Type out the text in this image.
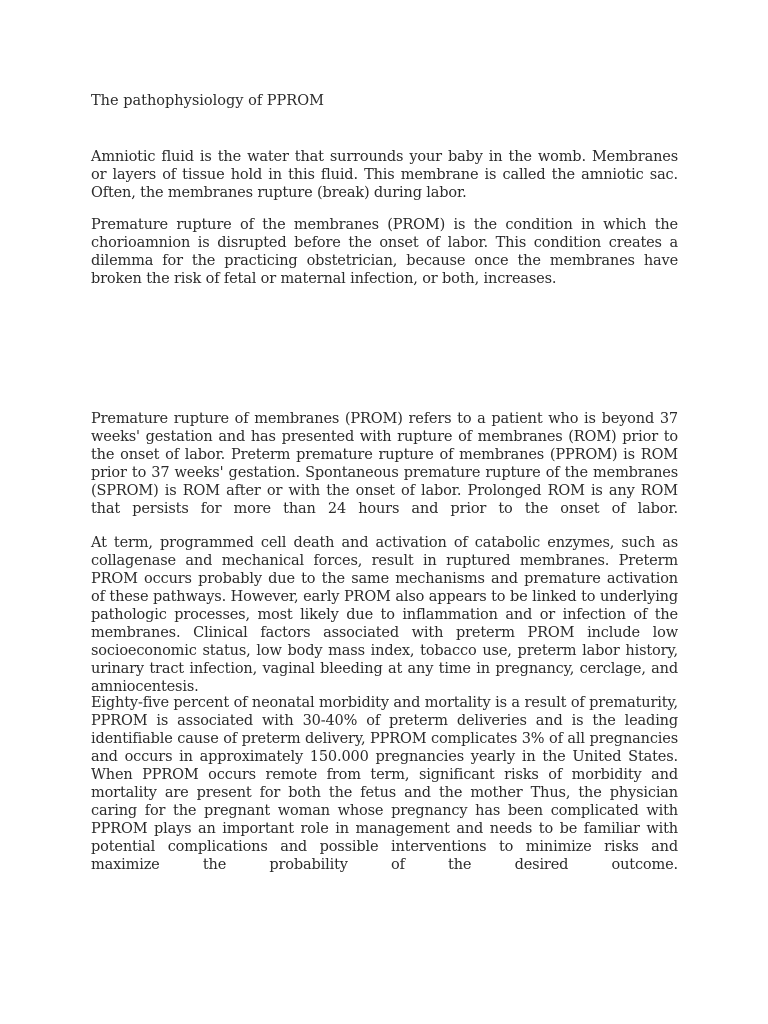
The pathophysiology of PPROM

Amniotic fluid is the water that surrounds your baby in the womb. Membranes or layers of tissue hold in this fluid. This membrane is called the amniotic sac. Often, the membranes rupture (break) during labor.

Premature rupture of the membranes (PROM) is the condition in which the chorioamnion is disrupted before the onset of labor. This condition creates a dilemma for the practicing obstetrician, because once the membranes have broken the risk of fetal or maternal infection, or both, increases.

Premature rupture of membranes (PROM) refers to a patient who is beyond 37 weeks' gestation and has presented with rupture of membranes (ROM) prior to the onset of labor. Preterm premature rupture of membranes (PPROM) is ROM prior to 37 weeks' gestation. Spontaneous premature rupture of the membranes (SPROM) is ROM after or with the onset of labor. Prolonged ROM is any ROM that persists for more than 24 hours and prior to the onset of labor.

At term, programmed cell death and activation of catabolic enzymes, such as collagenase and mechanical forces, result in ruptured membranes. Preterm PROM occurs probably due to the same mechanisms and premature activation of these pathways. However, early PROM also appears to be linked to underlying pathologic processes, most likely due to inflammation and or infection of the membranes. Clinical factors associated with preterm PROM include low socioeconomic status, low body mass index, tobacco use, preterm labor history, urinary tract infection, vaginal bleeding at any time in pregnancy, cerclage, and amniocentesis.

Eighty-five percent of neonatal morbidity and mortality is a result of prematurity, PPROM is associated with 30-40% of preterm deliveries and is the leading identifiable cause of preterm delivery, PPROM complicates 3% of all pregnancies and occurs in approximately 150.000 pregnancies yearly in the United States. When PPROM occurs remote from term, significant risks of morbidity and mortality are present for both the fetus and the mother Thus, the physician caring for the pregnant woman whose pregnancy has been complicated with PPROM plays an important role in management and needs to be familiar with potential complications and possible interventions to minimize risks and maximize the probability of the desired outcome.
